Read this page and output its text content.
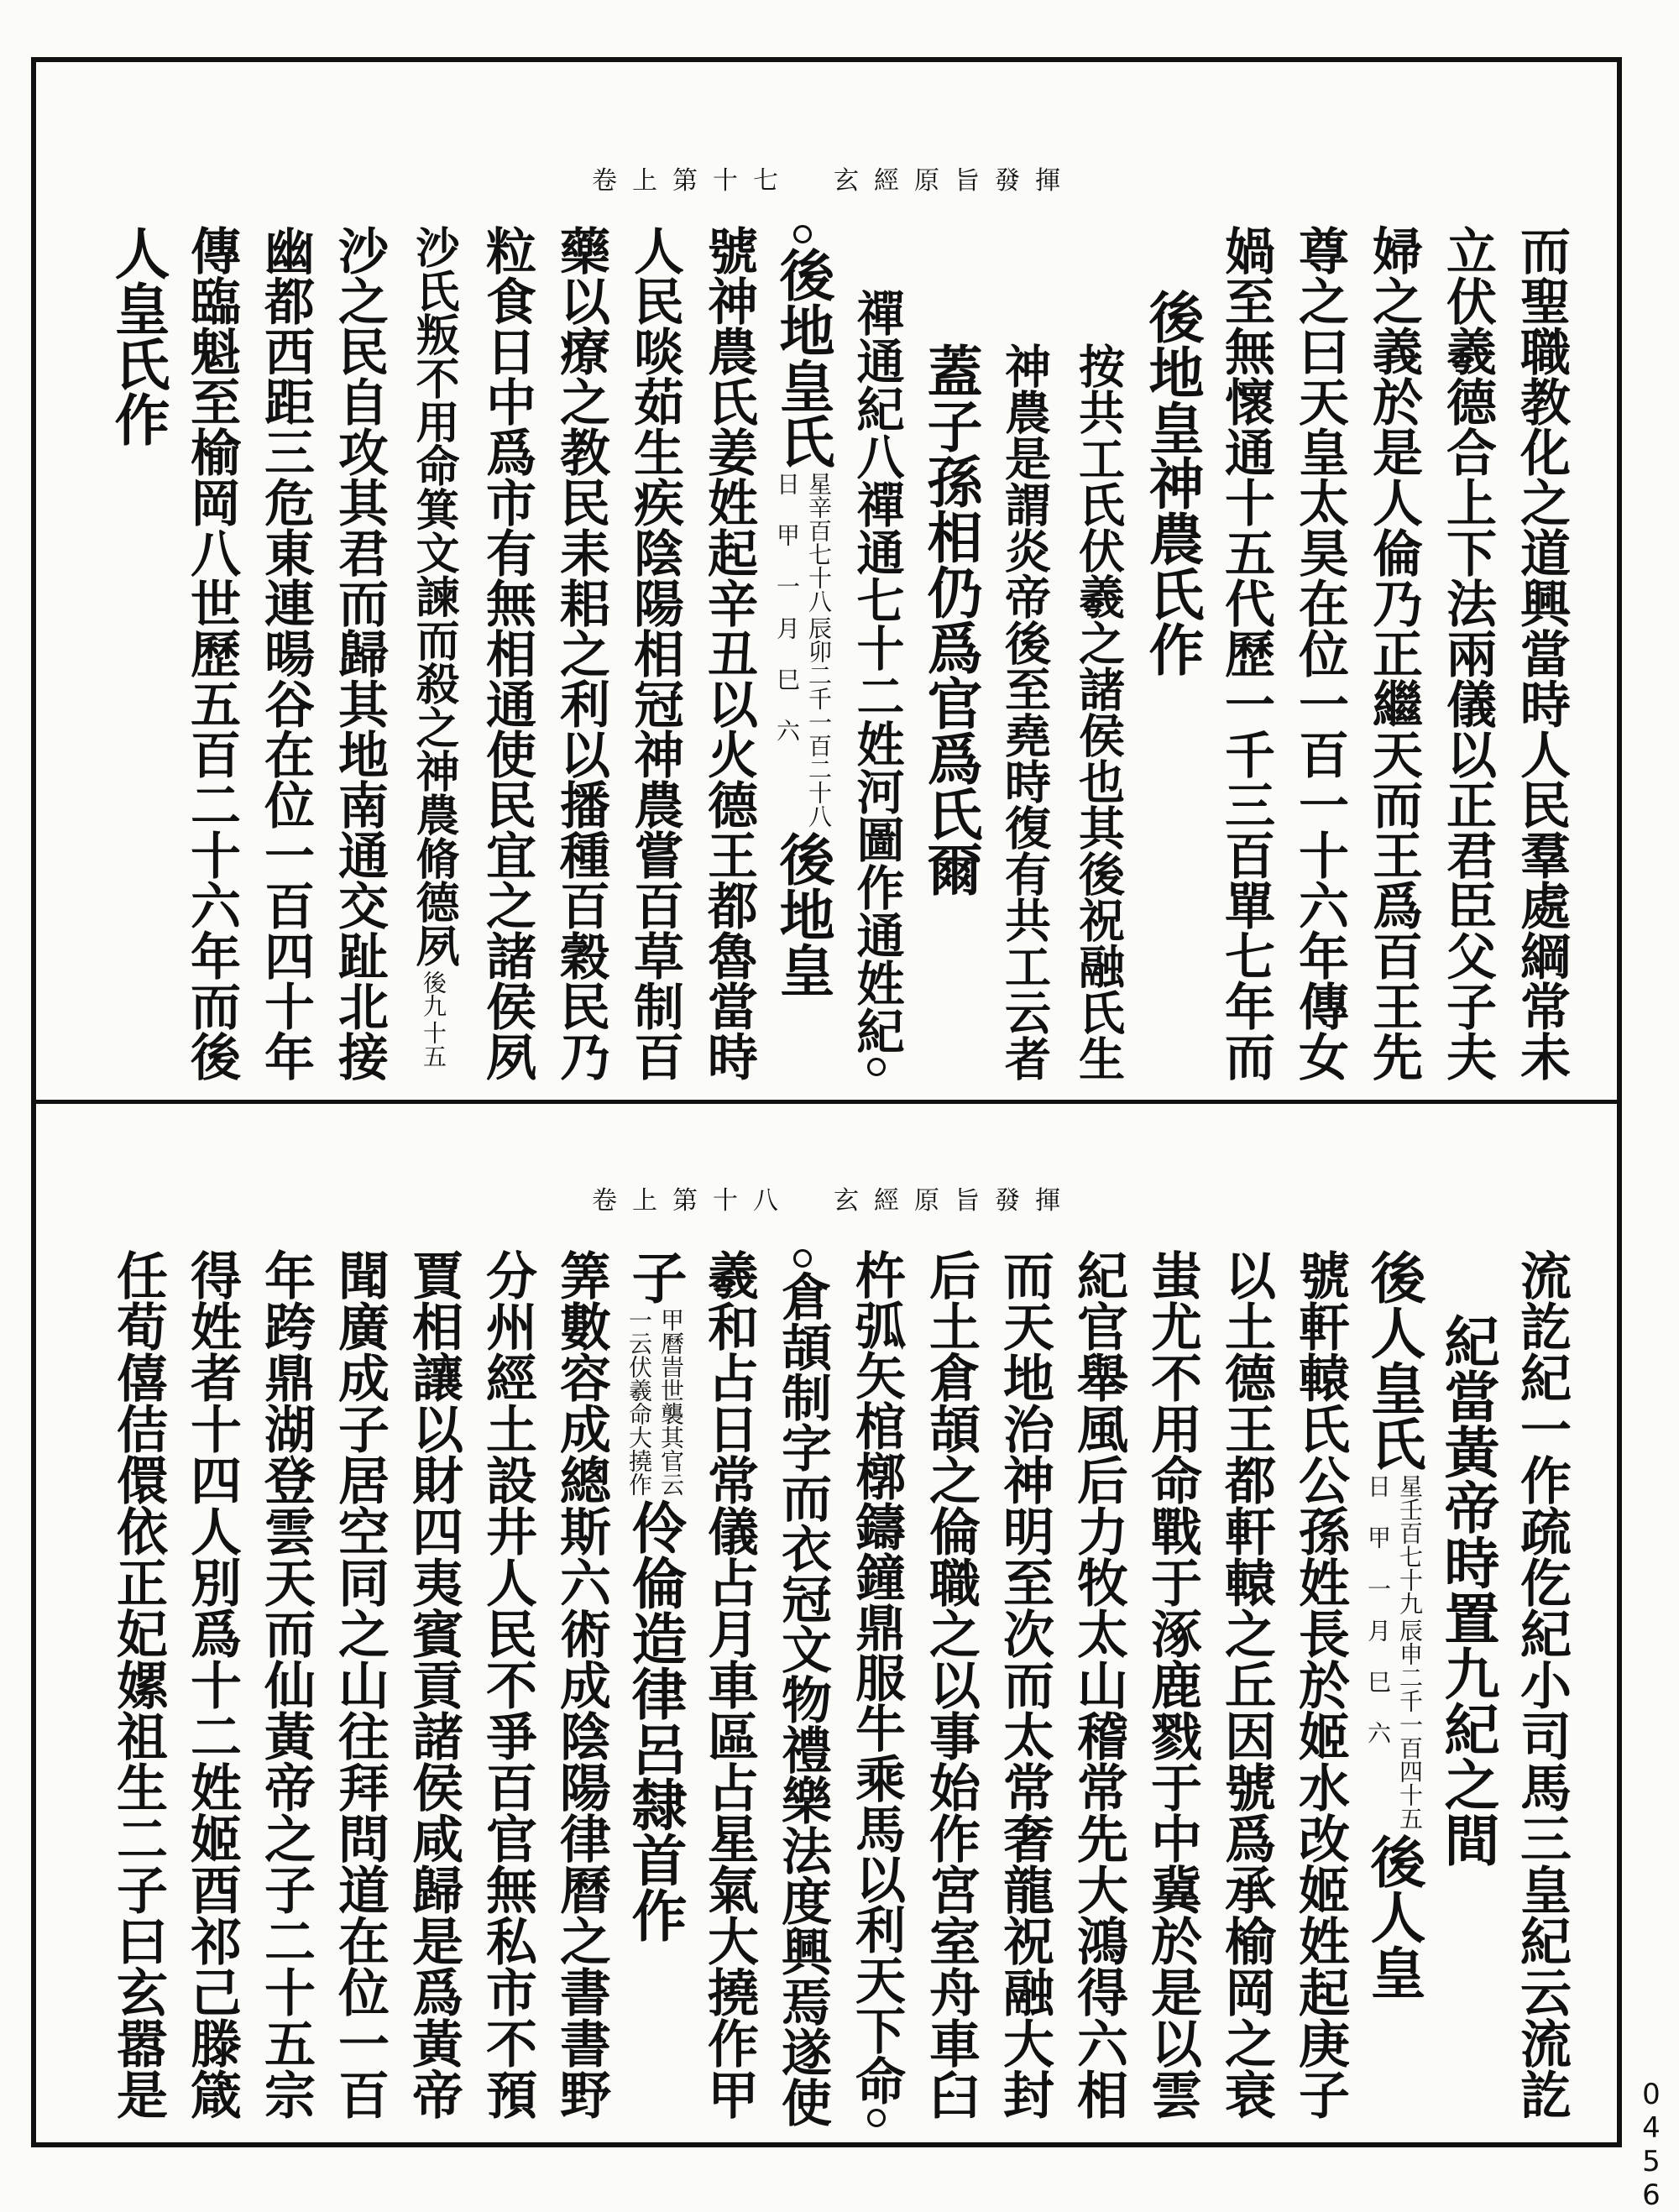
卷上第十七 玄經原旨發揮
卷上第十八 玄經原旨發揮
而聖職教化之道興當時人民羣處綱常未
立伏羲德合上下法兩儀以正君臣父子夫
婦之義於是人倫乃正繼天而王爲百王先
尊之曰天皇太昊在位一百一十六年傳女
媧至無懷通十五代歷一千三百單七年而
後地皇神農氏作
按共工氏伏羲之諸侯也其後祝融氏生
神農是謂炎帝後至堯時復有共工云者
蓋子孫相仍爲官爲氏爾
禪通紀八禪通七十二姓河圖作通姓紀
後地皇氏
星辛百七十八
日 甲 一
辰卯二千一百二十八
月 巳 六
後地皇
號神農氏姜姓起辛丑以火德王都魯當時
人民啖茹生疾陰陽相冠神農嘗百草制百
藥以療之教民耒耜之利以播種百穀民乃
粒食日中爲市有無相通使民宜之諸侯夙
沙氏叛不用命箕文諫而殺之神農脩德夙
後九
十五
沙之民自攻其君而歸其地南通交趾北接
幽都西距三危東連暘谷在位一百四十年
傳臨魁至榆岡八世歷五百二十六年而後
人皇氏作
流訖紀一作疏仡紀小司馬三皇紀云流訖
紀當黃帝時置九紀之間
後人皇氏
星壬百七十九
日 甲 一
辰申二千一百四十五
月 巳 六
後人皇
號軒轅氏公孫姓長於姬水改姬姓起庚子
以土德王都軒轅之丘因號爲承榆岡之衰
蚩尤不用命戰于涿鹿戮于中冀於是以雲
紀官舉風后力牧太山稽常先大鴻得六相
而天地治神明至次而太常奢龍祝融大封
后土倉頡之倫職之以事始作宮室舟車臼
杵弧矢棺槨鑄鐘鼎服牛乘馬以利天下命
倉頡制字而衣冠文物禮樂法度興焉遂使
羲和占日常儀占月車區占星氣大撓作甲
子
甲曆旹世襲其官云
一云伏羲命大撓作
伶倫造律呂隸首作
筭數容成總斯六術成陰陽律曆之書書野
分州經土設井人民不爭百官無私市不預
賈相讓以財四夷賓貢諸侯咸歸是爲黃帝
聞廣成子居空同之山往拜問道在位一百
年跨鼎湖登雲天而仙黃帝之子二十五宗
得姓者十四人別爲十二姓姬酉祁己滕箴
任荀僖佶儇依正妃嫘祖生二子曰玄嚣是
0456
